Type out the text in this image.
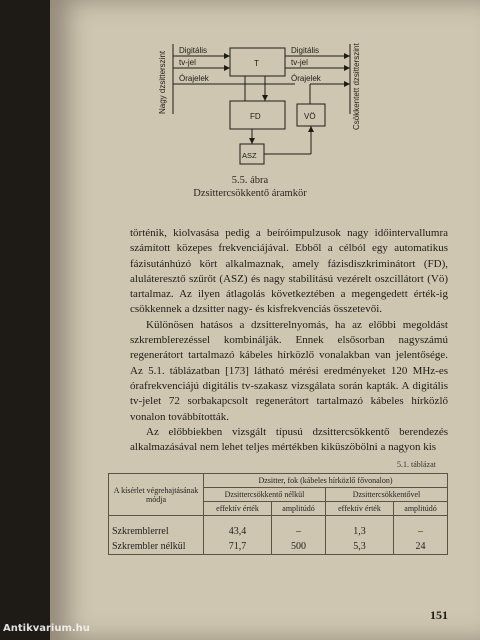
Digitális
tv-jel
Órajelek
Digitális
tv-jel
Órajelek
T
FD	VÖ
ASZ
Nagy dzsitterszint	Csökkentett dzsitterszint
5.5. ábra
Dzsittercsökkentő áramkör

történik, kiolvasása pedig a beíróimpulzusok nagy időintervallumra számított közepes frekvenciájával. Ebből a célból egy automatikus fázisutánhúzó kört alkalmaznak, amely fázisdiszkriminátort (FD), aluláteresztő szűrőt (ASZ) és nagy stabilitású vezérelt oszcillátort (Vö) tartalmaz. Az ilyen átlagolás következtében a megengedett érték-ig csökkennek a dzsitter nagy- és kisfrekvenciás összetevői.

Különösen hatásos a dzsitterelnyomás, ha az előbbi megoldást szkremblerezéssel kombinálják. Ennek elsősorban nagyszámú regenerátort tartalmazó kábeles hírközlő vonalakban van jelentősége. Az 5.1. táblázatban [173] látható mérési eredményeket 120 MHz-es órafrekvenciájú digitális tv-szakasz vizsgálata során kapták. A digitális tv-jelet 72 sorbakapcsolt regenerátort tartalmazó kábeles hírközlő vonalon továbbították.

Az előbbiekben vizsgált típusú dzsittercsökkentő berendezés alkalmazásával nem lehet teljes mértékben kiküszöbölni a nagyon kis

5.1. táblázat
A kísérlet végrehajtásának módja	Dzsitter, fok (kábeles hírközlő fővonalon)			
	Dzsittercsökkentő nélkül		Dzsittercsökkentővel	
	effektív érték	amplitúdó	effektív érték	amplitúdó
Szkremblerrel	43,4	–	1,3	–
Szkrembler nélkül	71,7	500	5,3	24
151
Antikvarium.hu
